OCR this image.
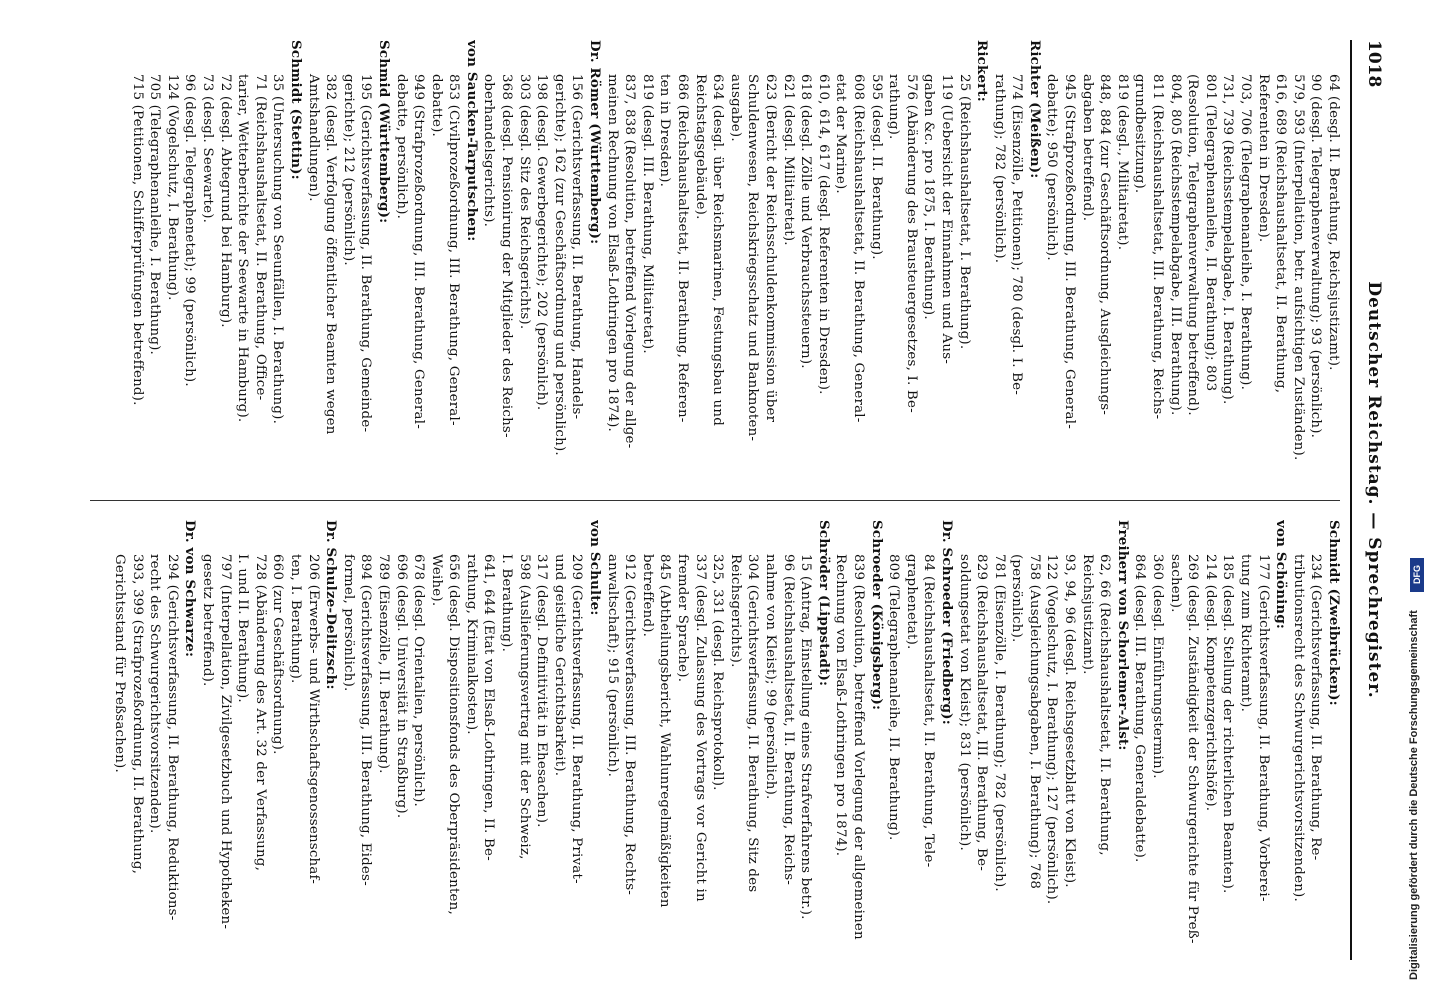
1018
Deutscher Reichstag. — Sprechregister.
64 (desgl. II. Berathung, Reichsjustizamt).
90 (desgl. Telegraphenverwaltung); 93 (persönlich).
579, 593 (Interpellation, betr. aufsichtigen Zuständen).
616, 689 (Reichshaushaltsetat, II. Berathung,
Referenten in Dresden).
703, 706 (Telegraphenanleihe, I. Berathung).
731, 739 (Reichsstempelabgabe, I. Berathung).
801 (Telegraphenanleihe, II. Berathung); 803
(Resolution, Telegraphenverwaltung betreffend).
804, 805 (Reichsstempelabgabe, III. Berathung).
811 (Reichshaushaltsetat, III. Berathung, Reichs-
grundbesitzung).
819 (desgl., Militairetat).
848, 884 (zur Geschäftsordnung, Ausgleichungs-
abgaben betreffend).
945 (Strafprozeßordnung, III. Berathung, General-
debatte); 950 (persönlich).
Richter (Meißen):
774 (Eisenzölle, Petitionen); 780 (desgl. I. Be-
rathung); 782 (persönlich).
Rickert:
25 (Reichshaushaltsetat, I. Berathung).
119 (Uebersicht der Einnahmen und Aus-
gaben &c. pro 1875, I. Berathung).
576 (Abänderung des Brausteuergesetzes, I. Be-
rathung).
595 (desgl. II. Berathung).
608 (Reichshaushaltsetat, II. Berathung, General-
etat der Marine).
610, 614, 617 (desgl. Referenten in Dresden).
618 (desgl. Zölle und Verbrauchssteuern).
621 (desgl. Militairetat).
623 (Bericht der Reichsschuldenkommission über
Schuldenwesen, Reichskriegsschatz und Banknoten-
ausgabe).
634 (desgl. über Reichsmarinen, Festungsbau und
Reichstagsgebäude).
686 (Reichshaushaltsetat, II. Berathung, Referen-
ten in Dresden).
819 (desgl. III. Berathung, Militairetat).
837, 838 (Resolution, betreffend Vorlegung der allge-
meinen Rechnung von Elsaß-Lothringen pro 1874).
Dr. Römer (Württemberg):
156 (Gerichtsverfassung, II. Berathung, Handels-
gerichte); 162 (zur Geschäftsordnung und persönlich).
198 (desgl. Gewerbegerichte); 202 (persönlich).
303 (desgl. Sitz des Reichsgerichts).
368 (desgl. Pensionirung der Mitglieder des Reichs-
oberhandelsgerichts).
von Saucken-Tarputschen:
853 (Civilprozeßordnung, III. Berathung, General-
debatte).
949 (Strafprozeßordnung, III. Berathung, General-
debatte, persönlich).
Schmid (Württemberg):
195 (Gerichtsverfassung, II. Berathung, Gemeinde-
gerichte); 212 (persönlich).
382 (desgl. Verfolgung öffentlicher Beamten wegen
Amtshandlungen).
Schmidt (Stettin):
35 (Untersuchung von Seeunfällen, I. Berathung).
71 (Reichshaushaltsetat, II. Berathung, Office-
tarier, Wetterberichte der Seewarte in Hamburg).
72 (desgl. Abtegrund bei Hamburg).
73 (desgl. Seewarte).
96 (desgl. Telegraphenetat); 99 (persönlich).
124 (Vogelschutz, I. Berathung).
705 (Telegraphenanleihe, I. Berathung).
715 (Petitionen, Schifferprüfungen betreffend).
Schmidt (Zweibrücken):
234 (Gerichtsverfassung, II. Berathung, Re-
tributionsrecht des Schwurgerichtsvorsitzenden).
von Schöning:
177 (Gerichtsverfassung, II. Berathung, Vorberei-
tung zum Richteramt).
185 (desgl. Stellung der richterlichen Beamten).
214 (desgl. Kompetenzgerichtshöfe).
269 (desgl. Zuständigkeit der Schwurgerichte für Preß-
sachen).
360 (desgl. Einführungstermin).
864 (desgl. III. Berathung, Generaldebatte).
Freiherr von Schorlemer-Alst:
62, 66 (Reichshaushaltsetat, II. Berathung,
Reichsjustizamt).
93, 94, 96 (desgl. Reichsgesetzblatt von Kleist).
122 (Vogelschutz, I. Berathung); 127 (persönlich).
758 (Ausgleichungsabgaben, I. Berathung); 768
(persönlich).
781 (Eisenzölle, I. Berathung); 782 (persönlich).
829 (Reichshaushaltsetat, III. Berathung, Be-
soldungsetat von Kleist); 831 (persönlich).
Dr. Schroeder (Friedberg):
84 (Reichshaushaltsetat, II. Berathung, Tele-
graphenetat).
809 (Telegraphenanleihe, II. Berathung).
Schroeder (Königsberg):
839 (Resolution, betreffend Vorlegung der allgemeinen
Rechnung von Elsaß-Lothringen pro 1874).
Schröder (Lippstadt):
15 (Antrag, Einstellung eines Strafverfahrens betr.).
96 (Reichshaushaltsetat, II. Berathung, Reichs-
nahme von Kleist); 99 (persönlich).
304 (Gerichtsverfassung, II. Berathung, Sitz des
Reichsgerichts).
325, 331 (desgl. Reichsprotokoll).
337 (desgl. Zulassung des Vortrags vor Gericht in
fremder Sprache).
845 (Abtheilungsbericht, Wahlunregelmäßigkeiten
betreffend).
912 (Gerichtsverfassung, III. Berathung, Rechts-
anwaltschaft); 915 (persönlich).
von Schulte:
209 (Gerichtsverfassung, II. Berathung, Privat-
und geistliche Gerichtsbarkeit).
317 (desgl. Definitivität in Ehesachen).
598 (Auslieferungsvertrag mit der Schweiz,
I. Berathung).
641, 644 (Etat von Elsaß-Lothringen, II. Be-
rathung, Kriminalkosten).
656 (desgl. Dispositionsfonds des Oberpräsidenten,
Weihe).
678 (desgl. Orientalien, persönlich).
696 (desgl. Universität in Straßburg).
789 (Eisenzölle, II. Berathung).
894 (Gerichtsverfassung, III. Berathung, Eides-
formel, persönlich).
Dr. Schulze-Delitzsch:
206 (Erwerbs- und Wirthschaftsgenossenschaf-
ten, I. Berathung).
660 (zur Geschäftsordnung).
728 (Abänderung des Art. 32 der Verfassung,
I. und II. Berathung).
797 (Interpellation, Zivilgesetzbuch und Hypotheken-
gesetz betreffend).
Dr. von Schwarze:
294 (Gerichtsverfassung, II. Berathung, Reduktions-
recht des Schwurgerichtsvorsitzenden).
393, 399 (Strafprozeßordnung, II. Berathung,
Gerichtsstand für Preßsachen).	DFG
Digitalisierung gefördert durch die Deutsche Forschungsgemeinschaft
